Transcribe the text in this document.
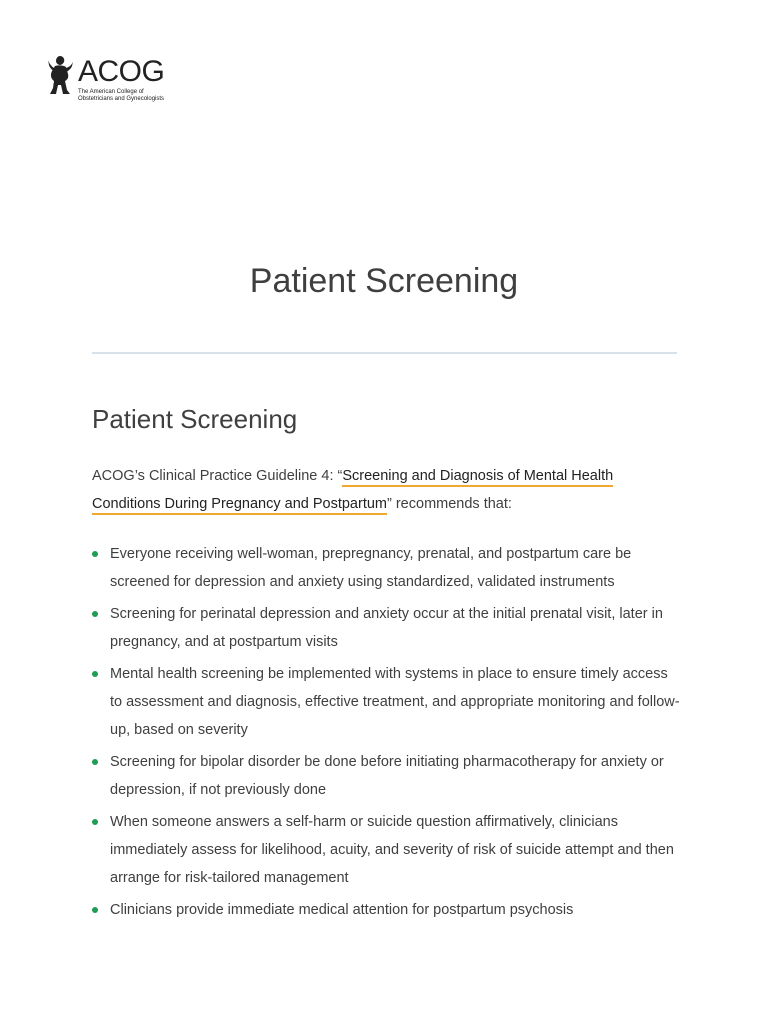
ACOG
The American College of Obstetricians and Gynecologists
Patient Screening
Patient Screening

ACOG’s Clinical Practice Guideline 4: “Screening and Diagnosis of Mental Health Conditions During Pregnancy and Postpartum” recommends that:

Everyone receiving well-woman, prepregnancy, prenatal, and postpartum care be screened for depression and anxiety using standardized, validated instruments
Screening for perinatal depression and anxiety occur at the initial prenatal visit, later in pregnancy, and at postpartum visits
Mental health screening be implemented with systems in place to ensure timely access to assessment and diagnosis, effective treatment, and appropriate monitoring and follow-up, based on severity
Screening for bipolar disorder be done before initiating pharmacotherapy for anxiety or depression, if not previously done
When someone answers a self-harm or suicide question affirmatively, clinicians immediately assess for likelihood, acuity, and severity of risk of suicide attempt and then arrange for risk-tailored management
Clinicians provide immediate medical attention for postpartum psychosis
